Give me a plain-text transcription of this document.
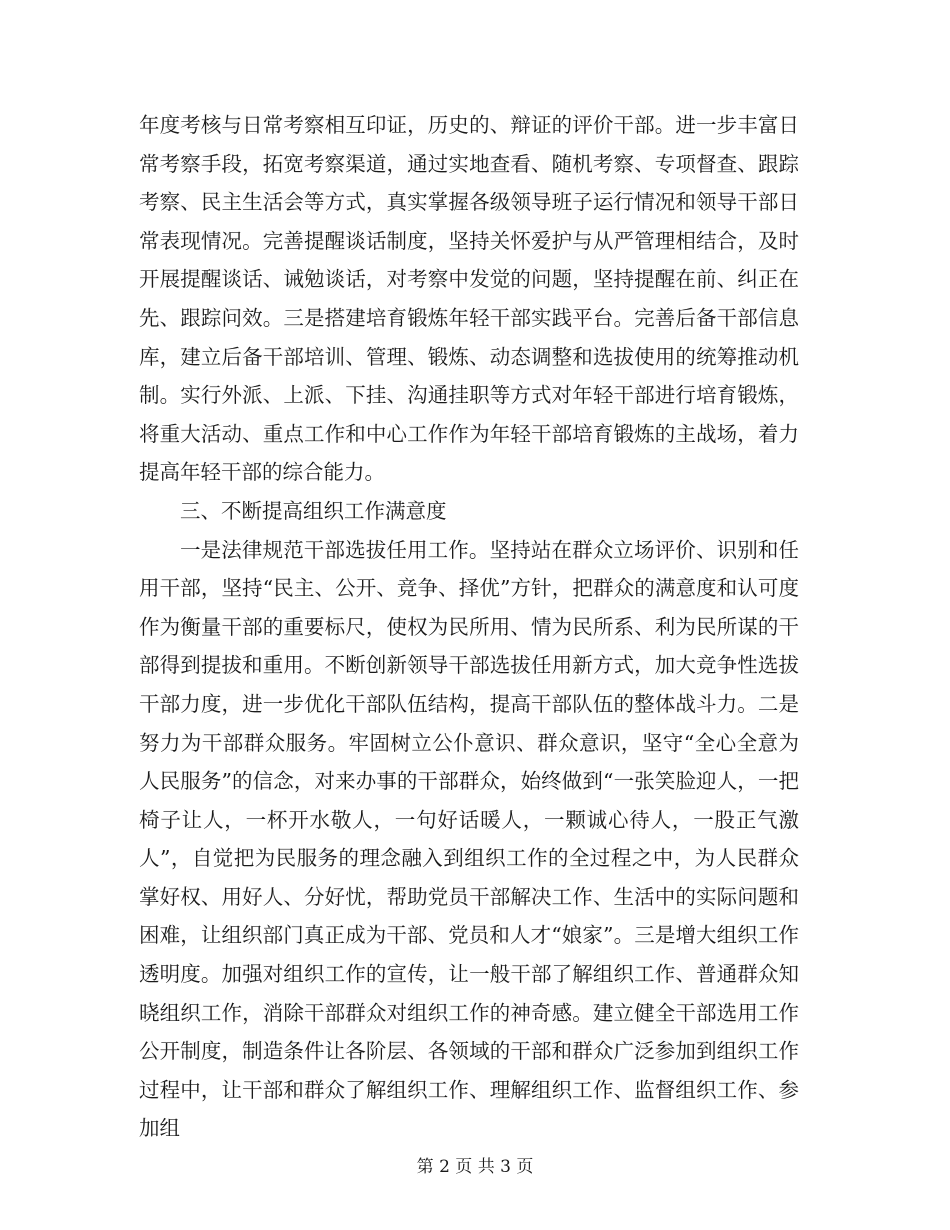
年度考核与日常考察相互印证，历史的、辩证的评价干部。进一步丰富日常考察手段，拓宽考察渠道，通过实地查看、随机考察、专项督查、跟踪考察、民主生活会等方式，真实掌握各级领导班子运行情况和领导干部日常表现情况。完善提醒谈话制度，坚持关怀爱护与从严管理相结合，及时开展提醒谈话、诫勉谈话，对考察中发觉的问题，坚持提醒在前、纠正在先、跟踪问效。三是搭建培育锻炼年轻干部实践平台。完善后备干部信息库，建立后备干部培训、管理、锻炼、动态调整和选拔使用的统筹推动机制。实行外派、上派、下挂、沟通挂职等方式对年轻干部进行培育锻炼，将重大活动、重点工作和中心工作作为年轻干部培育锻炼的主战场，着力提高年轻干部的综合能力。

三、不断提高组织工作满意度

一是法律规范干部选拔任用工作。坚持站在群众立场评价、识别和任用干部，坚持“民主、公开、竞争、择优”方针，把群众的满意度和认可度作为衡量干部的重要标尺，使权为民所用、情为民所系、利为民所谋的干部得到提拔和重用。不断创新领导干部选拔任用新方式，加大竞争性选拔干部力度，进一步优化干部队伍结构，提高干部队伍的整体战斗力。二是努力为干部群众服务。牢固树立公仆意识、群众意识，坚守“全心全意为人民服务”的信念，对来办事的干部群众，始终做到“一张笑脸迎人，一把椅子让人，一杯开水敬人，一句好话暖人，一颗诚心待人，一股正气激人”，自觉把为民服务的理念融入到组织工作的全过程之中，为人民群众掌好权、用好人、分好忧，帮助党员干部解决工作、生活中的实际问题和困难，让组织部门真正成为干部、党员和人才“娘家”。三是增大组织工作透明度。加强对组织工作的宣传，让一般干部了解组织工作、普通群众知晓组织工作，消除干部群众对组织工作的神奇感。建立健全干部选用工作公开制度，制造条件让各阶层、各领域的干部和群众广泛参加到组织工作过程中，让干部和群众了解组织工作、理解组织工作、监督组织工作、参加组

第 2 页 共 3 页
